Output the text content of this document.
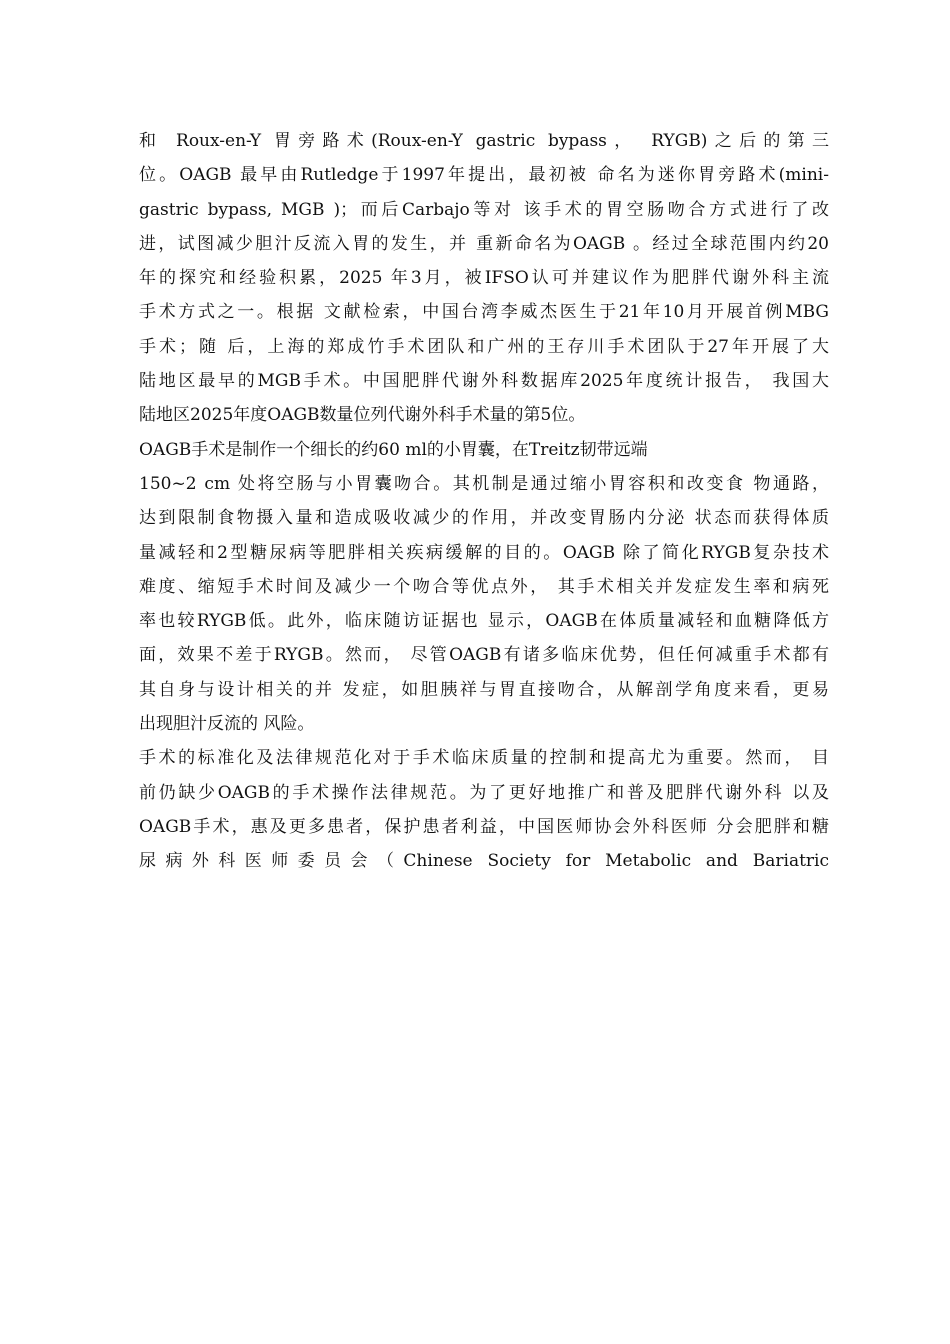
和 Roux-en-Y 胃旁路术(Roux-en-Y gastric bypass， RYGB)之后的第三
位。OAGB 最早由Rutledge于1997年提出，最初被 命名为迷你胃旁路术(mini-
gastric bypass, MGB )；而后Carbajo等对 该手术的胃空肠吻合方式进行了改
进，试图减少胆汁反流入胃的发生，并 重新命名为OAGB 。经过全球范围内约20
年的探究和经验积累，2025 年3月，被IFSO认可并建议作为肥胖代谢外科主流
手术方式之一。根据 文献检索，中国台湾李威杰医生于21年10月开展首例MBG
手术；随 后，上海的郑成竹手术团队和广州的王存川手术团队于27年开展了大
陆地区最早的MGB手术。中国肥胖代谢外科数据库2025年度统计报告， 我国大
陆地区2025年度OAGB数量位列代谢外科手术量的第5位。
OAGB手术是制作一个细长的约60 ml的小胃囊，在Treitz韧带远端
150~2 cm 处将空肠与小胃囊吻合。其机制是通过缩小胃容积和改变食 物通路，
达到限制食物摄入量和造成吸收减少的作用，并改变胃肠内分泌 状态而获得体质
量减轻和2型糖尿病等肥胖相关疾病缓解的目的。OAGB 除了简化RYGB复杂技术
难度、缩短手术时间及减少一个吻合等优点外， 其手术相关并发症发生率和病死
率也较RYGB低。此外，临床随访证据也 显示，OAGB在体质量减轻和血糖降低方
面，效果不差于RYGB。然而， 尽管OAGB有诸多临床优势，但任何减重手术都有
其自身与设计相关的并 发症，如胆胰祥与胃直接吻合，从解剖学角度来看，更易
出现胆汁反流的 风险。
手术的标准化及法律规范化对于手术临床质量的控制和提高尤为重要。然而， 目
前仍缺少OAGB的手术操作法律规范。为了更好地推广和普及肥胖代谢外科 以及
OAGB手术，惠及更多患者，保护患者利益，中国医师协会外科医师 分会肥胖和糖
尿病外科医师委员会（Chinese Society for Metabolic and Bariatric
